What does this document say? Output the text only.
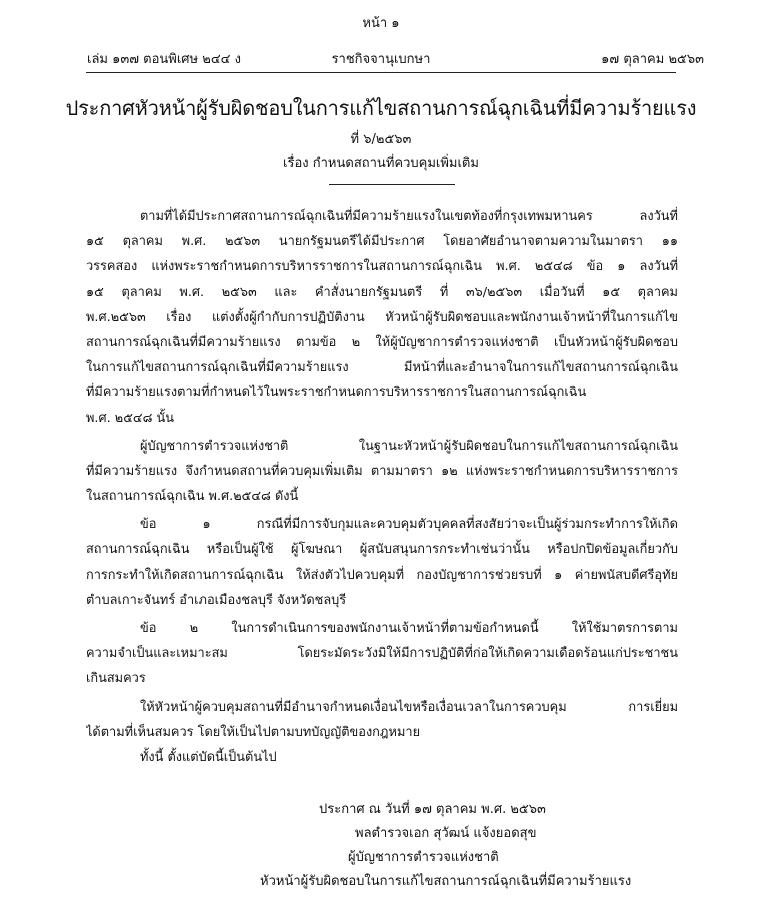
หน้า ๑
เล่ม ๑๓๗ ตอนพิเศษ ๒๔๔ ง	ราชกิจจานุเบกษา	๑๗ ตุลาคม ๒๕๖๓
ประกาศหัวหน้าผู้รับผิดชอบในการแก้ไขสถานการณ์ฉุกเฉินที่มีความร้ายแรง
ที่ ๖/๒๕๖๓
เรื่อง กำหนดสถานที่ควบคุมเพิ่มเติม
ตามที่ได้มีประกาศสถานการณ์ฉุกเฉินที่มีความร้ายแรงในเขตท้องที่กรุงเทพมหานคร ลงวันที่
๑๕ ตุลาคม พ.ศ. ๒๕๖๓ นายกรัฐมนตรีได้มีประกาศ โดยอาศัยอำนาจตามความในมาตรา ๑๑
วรรคสอง แห่งพระราชกำหนดการบริหารราชการในสถานการณ์ฉุกเฉิน พ.ศ. ๒๕๔๘ ข้อ ๑ ลงวันที่
๑๕ ตุลาคม พ.ศ. ๒๕๖๓ และ คำสั่งนายกรัฐมนตรี ที่ ๓๖/๒๕๖๓ เมื่อวันที่ ๑๕ ตุลาคม
พ.ศ.๒๕๖๓ เรื่อง แต่งตั้งผู้กำกับการปฏิบัติงาน หัวหน้าผู้รับผิดชอบและพนักงานเจ้าหน้าที่ในการแก้ไข
สถานการณ์ฉุกเฉินที่มีความร้ายแรง ตามข้อ ๒ ให้ผู้บัญชาการตำรวจแห่งชาติ เป็นหัวหน้าผู้รับผิดชอบ
ในการแก้ไขสถานการณ์ฉุกเฉินที่มีความร้ายแรง มีหน้าที่และอำนาจในการแก้ไขสถานการณ์ฉุกเฉิน
ที่มีความร้ายแรงตามที่กำหนดไว้ในพระราชกำหนดการบริหารราชการในสถานการณ์ฉุกเฉิน
พ.ศ. ๒๕๔๘ นั้น
ผู้บัญชาการตำรวจแห่งชาติ ในฐานะหัวหน้าผู้รับผิดชอบในการแก้ไขสถานการณ์ฉุกเฉิน
ที่มีความร้ายแรง จึงกำหนดสถานที่ควบคุมเพิ่มเติม ตามมาตรา ๑๒ แห่งพระราชกำหนดการบริหารราชการ
ในสถานการณ์ฉุกเฉิน พ.ศ.๒๕๔๘ ดังนี้
ข้อ ๑ กรณีที่มีการจับกุมและควบคุมตัวบุคคลที่สงสัยว่าจะเป็นผู้ร่วมกระทำการให้เกิด
สถานการณ์ฉุกเฉิน หรือเป็นผู้ใช้ ผู้โฆษณา ผู้สนับสนุนการกระทำเช่นว่านั้น หรือปกปิดข้อมูลเกี่ยวกับ
การกระทำให้เกิดสถานการณ์ฉุกเฉิน ให้ส่งตัวไปควบคุมที่ กองบัญชาการช่วยรบที่ ๑ ค่ายพนัสบดีศรีอุทัย
ตำบลเกาะจันทร์ อำเภอเมืองชลบุรี จังหวัดชลบุรี
ข้อ ๒ ในการดำเนินการของพนักงานเจ้าหน้าที่ตามข้อกำหนดนี้ ให้ใช้มาตรการตาม
ความจำเป็นและเหมาะสม โดยระมัดระวังมิให้มีการปฏิบัติที่ก่อให้เกิดความเดือดร้อนแก่ประชาชน
เกินสมควร
ให้หัวหน้าผู้ควบคุมสถานที่มีอำนาจกำหนดเงื่อนไขหรือเงื่อนเวลาในการควบคุม การเยี่ยม
ได้ตามที่เห็นสมควร โดยให้เป็นไปตามบทบัญญัติของกฎหมาย
ทั้งนี้ ตั้งแต่บัดนี้เป็นต้นไป
ประกาศ ณ วันที่ ๑๗ ตุลาคม พ.ศ. ๒๕๖๓
พลตำรวจเอก สุวัฒน์ แจ้งยอดสุข
ผู้บัญชาการตำรวจแห่งชาติ
หัวหน้าผู้รับผิดชอบในการแก้ไขสถานการณ์ฉุกเฉินที่มีความร้ายแรง
